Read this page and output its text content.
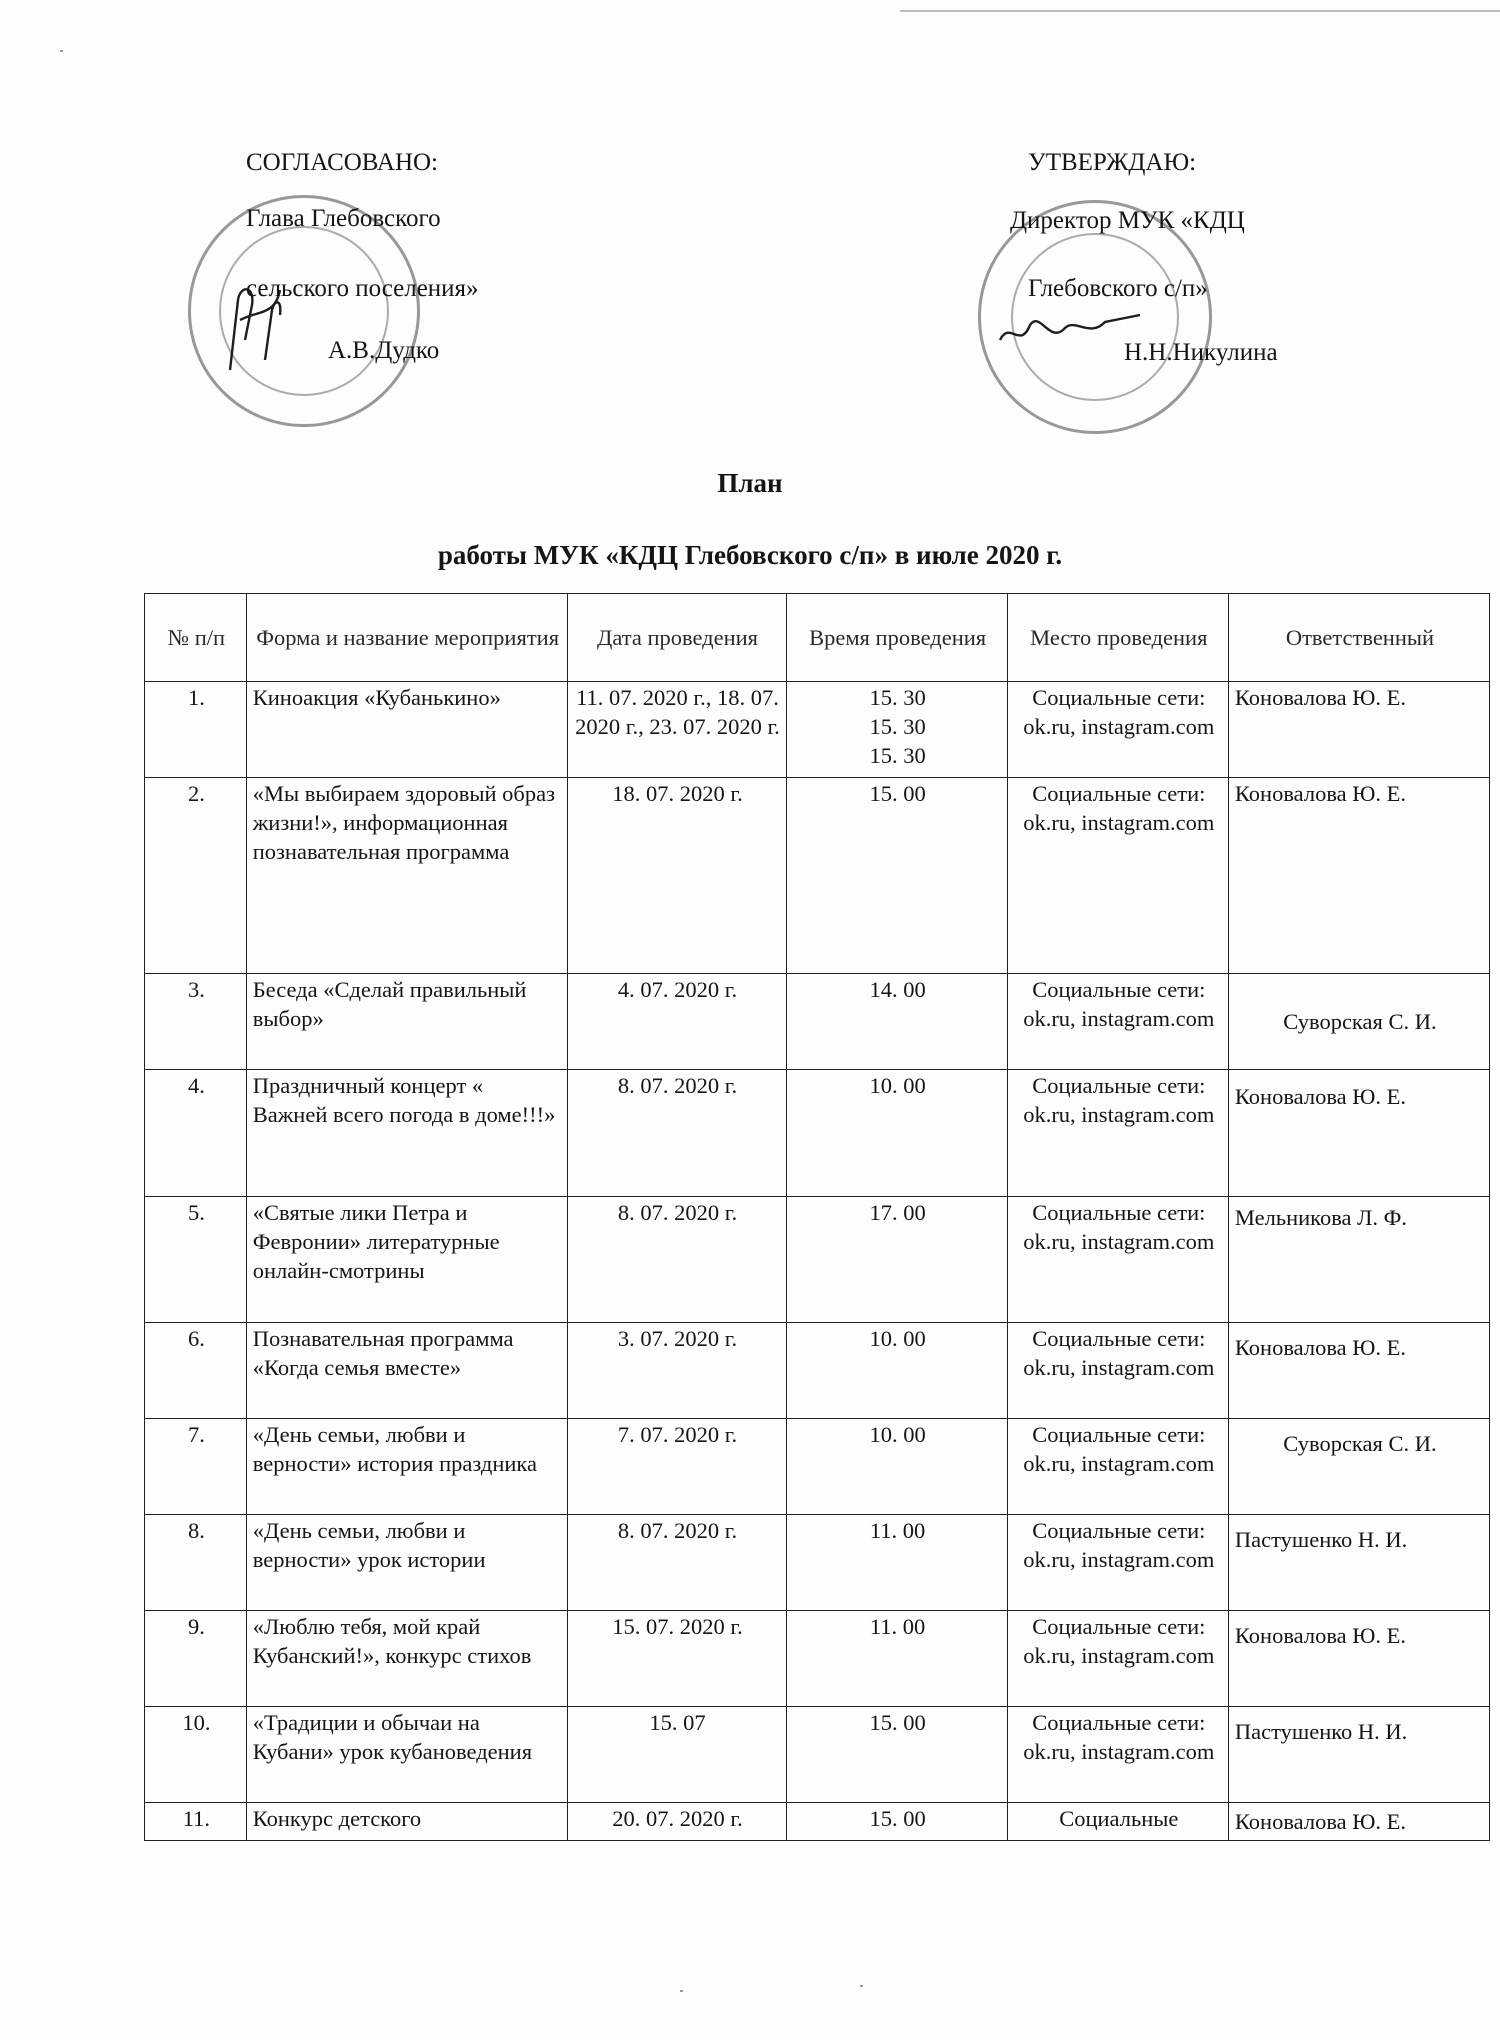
СОГЛАСОВАНО:
Глава Глебовского
сельского поселения»
А.В.Дудко
УТВЕРЖДАЮ:
Директор МУК «КДЦ
Глебовского с/п»
Н.Н.Никулина
План
работы МУК «КДЦ Глебовского с/п» в июле 2020 г.
№ п/п	Форма и название мероприятия	Дата проведения	Время проведения	Место проведения	Ответственный
1.	Киноакция «Кубанькино»	11. 07. 2020 г., 18. 07. 2020 г., 23. 07. 2020 г.	15. 30 15. 30 15. 30	Социальные сети: ok.ru, instagram.com	Коновалова Ю. Е.
2.	«Мы выбираем здоровый образ жизни!», информационная познавательная программа	18. 07. 2020 г.	15. 00	Социальные сети: ok.ru, instagram.com	Коновалова Ю. Е.
3.	Беседа «Сделай правильный выбор»	4. 07. 2020 г.	14. 00	Социальные сети: ok.ru, instagram.com	Суворская С. И.
4.	Праздничный концерт « Важней всего погода в доме!!!»	8. 07. 2020 г.	10. 00	Социальные сети: ok.ru, instagram.com	Коновалова Ю. Е.
5.	«Святые лики Петра и Февронии» литературные онлайн-смотрины	8. 07. 2020 г.	17. 00	Социальные сети: ok.ru, instagram.com	Мельникова Л. Ф.
6.	Познавательная программа «Когда семья вместе»	3. 07. 2020 г.	10. 00	Социальные сети: ok.ru, instagram.com	Коновалова Ю. Е.
7.	«День семьи, любви и верности» история праздника	7. 07. 2020 г.	10. 00	Социальные сети: ok.ru, instagram.com	Суворская С. И.
8.	«День семьи, любви и верности» урок истории	8. 07. 2020 г.	11. 00	Социальные сети: ok.ru, instagram.com	Пастушенко Н. И.
9.	«Люблю тебя, мой край Кубанский!», конкурс стихов	15. 07. 2020 г.	11. 00	Социальные сети: ok.ru, instagram.com	Коновалова Ю. Е.
10.	«Традиции и обычаи на Кубани» урок кубановедения	15. 07	15. 00	Социальные сети: ok.ru, instagram.com	Пастушенко Н. И.
11.	Конкурс детского	20. 07. 2020 г.	15. 00	Социальные	Коновалова Ю. Е.
